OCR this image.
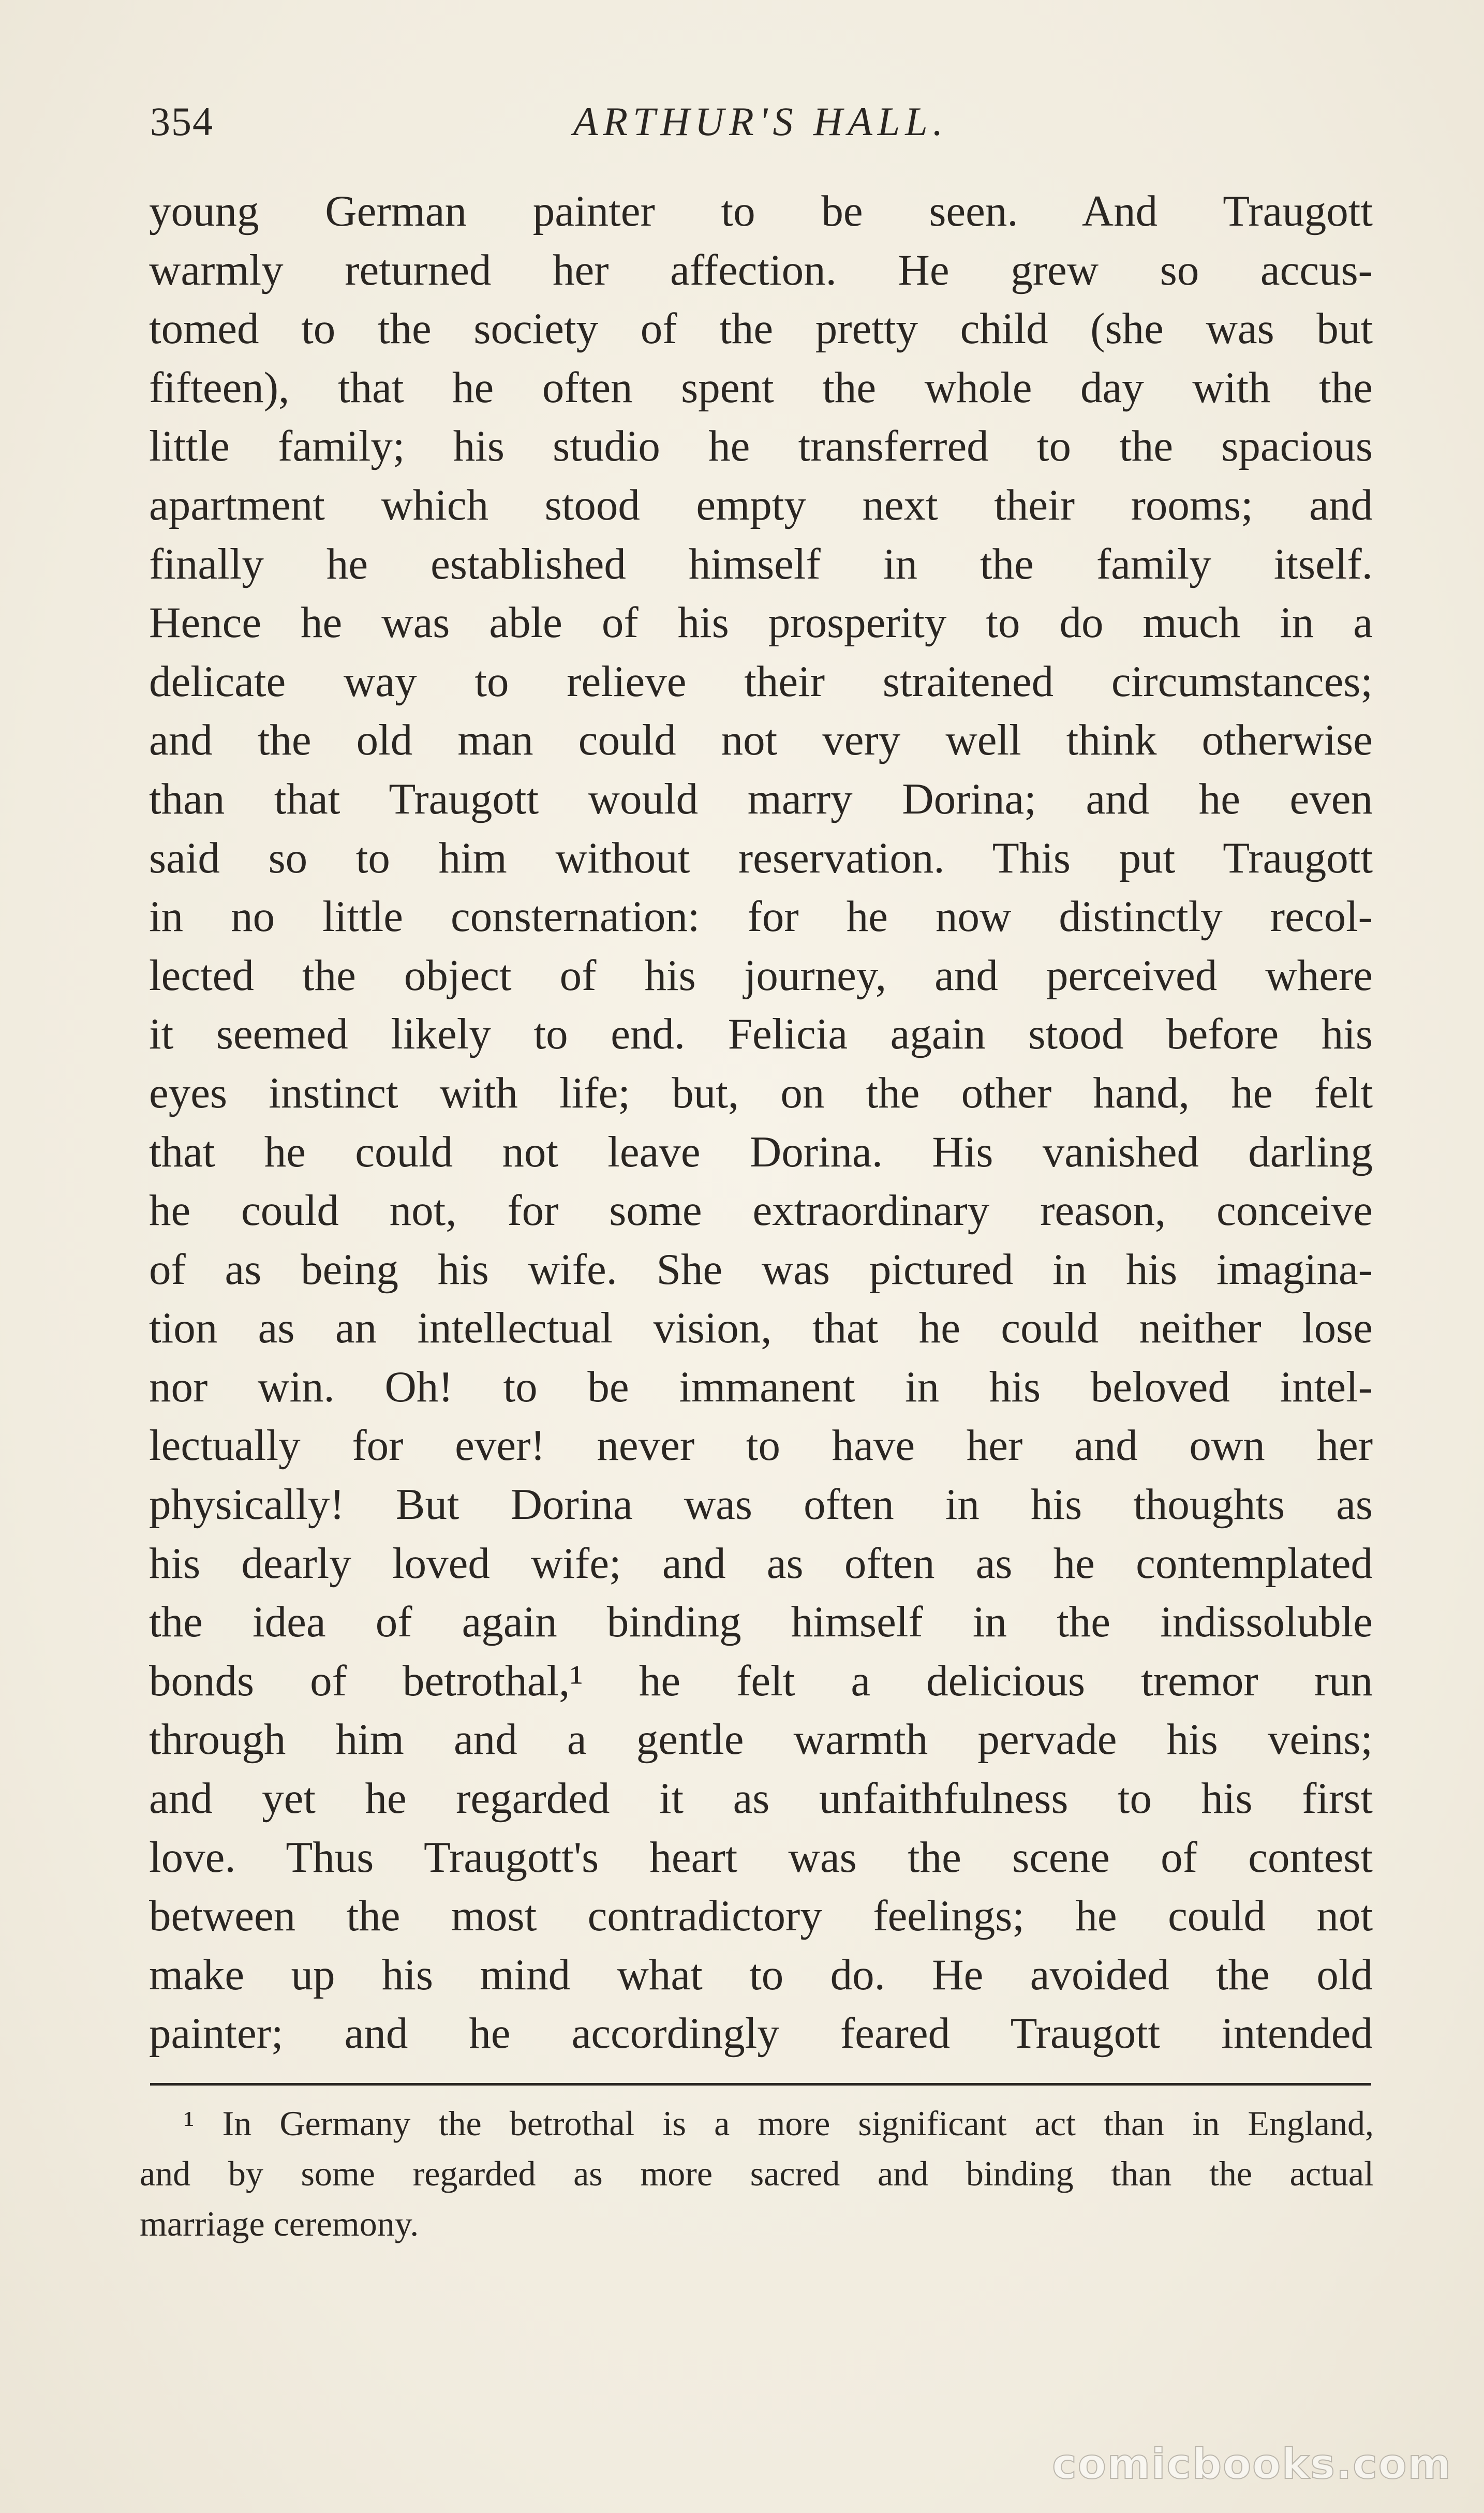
354	ARTHUR'S HALL.
young German painter to be seen. And Traugott
warmly returned her affection. He grew so accus-
tomed to the society of the pretty child (she was but
fifteen), that he often spent the whole day with the
little family; his studio he transferred to the spacious
apartment which stood empty next their rooms; and
finally he established himself in the family itself.
Hence he was able of his prosperity to do much in a
delicate way to relieve their straitened circumstances;
and the old man could not very well think otherwise
than that Traugott would marry Dorina; and he even
said so to him without reservation. This put Traugott
in no little consternation: for he now distinctly recol-
lected the object of his journey, and perceived where
it seemed likely to end. Felicia again stood before his
eyes instinct with life; but, on the other hand, he felt
that he could not leave Dorina. His vanished darling
he could not, for some extraordinary reason, conceive
of as being his wife. She was pictured in his imagina-
tion as an intellectual vision, that he could neither lose
nor win. Oh! to be immanent in his beloved intel-
lectually for ever! never to have her and own her
physically! But Dorina was often in his thoughts as
his dearly loved wife; and as often as he contemplated
the idea of again binding himself in the indissoluble
bonds of betrothal,¹ he felt a delicious tremor run
through him and a gentle warmth pervade his veins;
and yet he regarded it as unfaithfulness to his first
love. Thus Traugott's heart was the scene of contest
between the most contradictory feelings; he could not
make up his mind what to do. He avoided the old
painter; and he accordingly feared Traugott intended
¹ In Germany the betrothal is a more significant act than in England,
and by some regarded as more sacred and binding than the actual
marriage ceremony.
comicbooks.com
